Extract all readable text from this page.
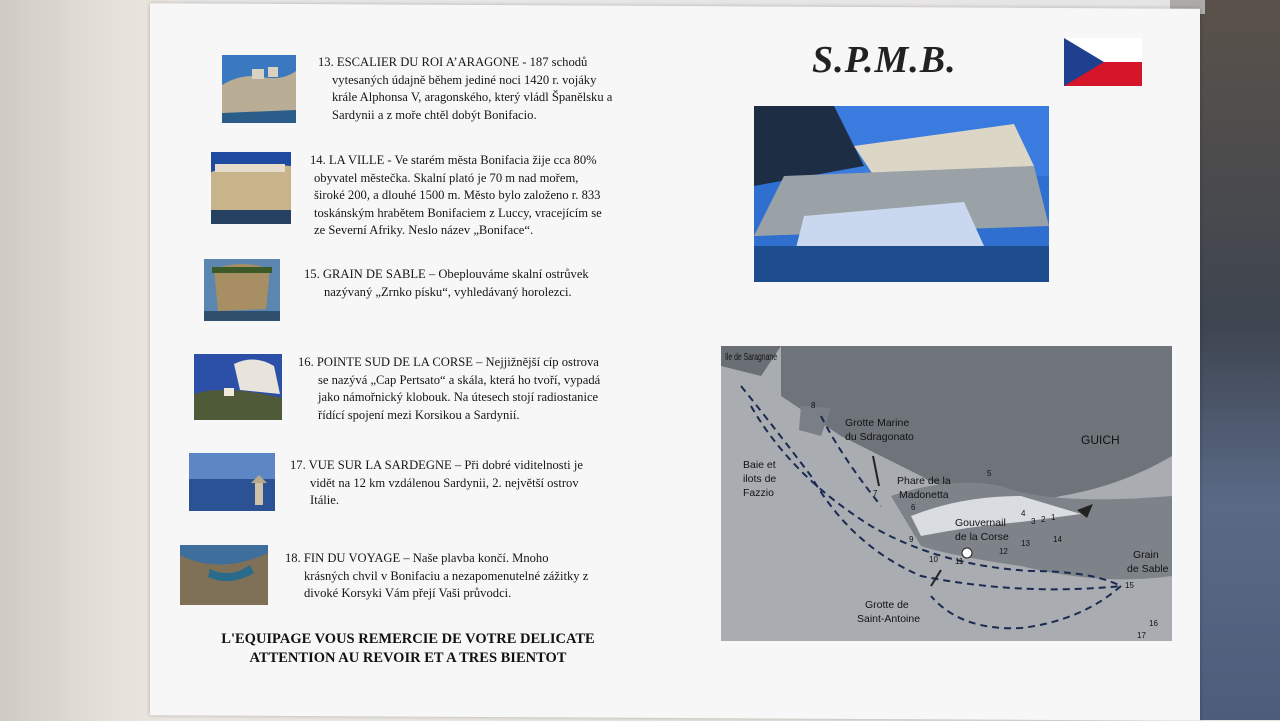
13. ESCALIER DU ROI A’ARAGONE - 187 schodů
vytesaných údajně během jediné noci 1420 r. vojáky
krále Alphonsa V, aragonského, který vládl Španělsku a
Sardynii a z moře chtěl dobýt Bonifacio.
14. LA VILLE - Ve starém města Bonifacia žije cca 80%
obyvatel městečka. Skalní plató je 70 m nad mořem,
široké 200, a dlouhé 1500 m. Město bylo založeno r. 833
toskánským hrabětem Bonifaciem z Luccy, vracejícím se
ze Severní Afriky. Neslo název „Boniface“.
15. GRAIN DE SABLE – Obeplouváme skalní ostrůvek
nazývaný „Zrnko písku“, vyhledávaný horolezci.
16. POINTE SUD DE LA CORSE – Nejjižnější cíp ostrova
se nazývá „Cap Pertsato“ a skála, která ho tvoří, vypadá
jako námořnický klobouk. Na útesech stojí radiostanice
řídící spojení mezi Korsikou a Sardynií.
17. VUE SUR LA SARDEGNE – Při dobré viditelnosti je
vidět na 12 km vzdálenou Sardynii, 2. největší ostrov
Itálie.
18. FIN DU VOYAGE – Naše plavba končí. Mnoho
krásných chvil v Bonifaciu a nezapomenutelné zážitky z
divoké Korsyki Vám přejí Vaši průvodci.
L'EQUIPAGE VOUS REMERCIE DE VOTRE DELICATE
ATTENTION AU REVOIR ET A TRES BIENTOT
S.P.M.B.
Ile de Saragnane
Grotte Marine
du Sdragonato	GUICH
Baie et
ilots de
Fazzio
Phare de la
Madonetta
Gouvernail
de la Corse
Grain
de Sable
Grotte de
Saint-Antoine
8
7
6
5
4
3 2 1
9
10 11
12
13	14
15
16
17
